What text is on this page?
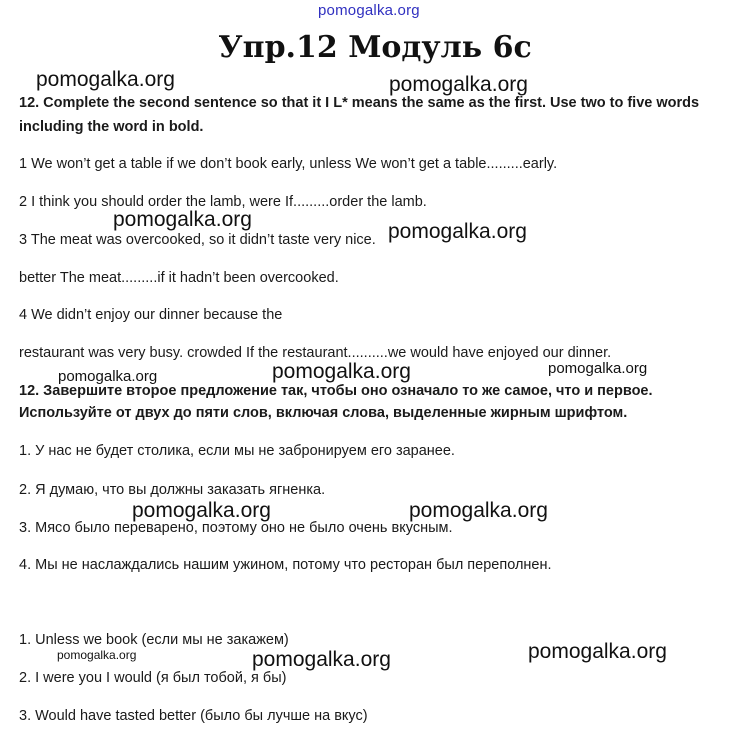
pomogalka.org
Упр.12 Модуль 6с
pomogalka.org	pomogalka.org
pomogalka.org
pomogalka.org
pomogalka.org	pomogalka.org	pomogalka.org
pomogalka.org	pomogalka.org
pomogalka.org	pomogalka.org	pomogalka.org
12. Complete the second sentence so that it I L* means the same as the first. Use two to five words
including the word in bold.
1 We won’t get a table if we don’t book early, unless We won’t get a table.........early.
2 I think you should order the lamb, were If.........order the lamb.
3 The meat was overcooked, so it didn’t taste very nice.
better The meat.........if it hadn’t been overcooked.
4 We didn’t enjoy our dinner because the
restaurant was very busy. crowded If the restaurant..........we would have enjoyed our dinner.
12. Завершите второе предложение так, чтобы оно означало то же самое, что и первое.
Используйте от двух до пяти слов, включая слова, выделенные жирным шрифтом.
1. У нас не будет столика, если мы не забронируем его заранее.
2. Я думаю, что вы должны заказать ягненка.
3. Мясо было переварено, поэтому оно не было очень вкусным.
4. Мы не наслаждались нашим ужином, потому что ресторан был переполнен.
1. Unless we book (если мы не закажем)
2. I were you I would (я был тобой, я бы)
3. Would have tasted better (было бы лучше на вкус)
